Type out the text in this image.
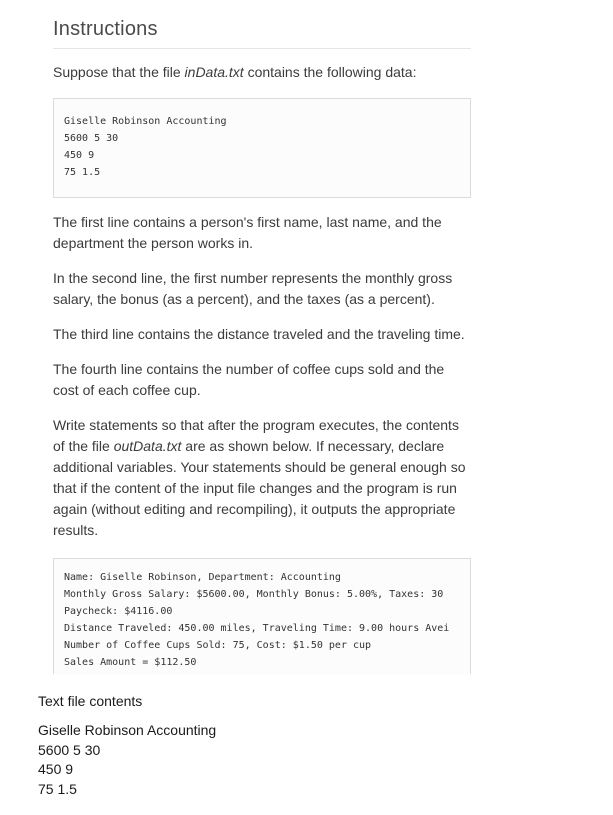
Instructions

Suppose that the file inData.txt contains the following data:

Giselle Robinson Accounting
5600 5 30
450 9
75 1.5

The first line contains a person's first name, last name, and the department the person works in.

In the second line, the first number represents the monthly gross salary, the bonus (as a percent), and the taxes (as a percent).

The third line contains the distance traveled and the traveling time.

The fourth line contains the number of coffee cups sold and the cost of each coffee cup.

Write statements so that after the program executes, the contents of the file outData.txt are as shown below. If necessary, declare additional variables. Your statements should be general enough so that if the content of the input file changes and the program is run again (without editing and recompiling), it outputs the appropriate results.

Name: Giselle Robinson, Department: Accounting
Monthly Gross Salary: $5600.00, Monthly Bonus: 5.00%, Taxes: 30
Paycheck: $4116.00
Distance Traveled: 450.00 miles, Traveling Time: 9.00 hours Avei
Number of Coffee Cups Sold: 75, Cost: $1.50 per cup
Sales Amount = $112.50
Text file contents
Giselle Robinson Accounting
5600 5 30
450 9
75 1.5
